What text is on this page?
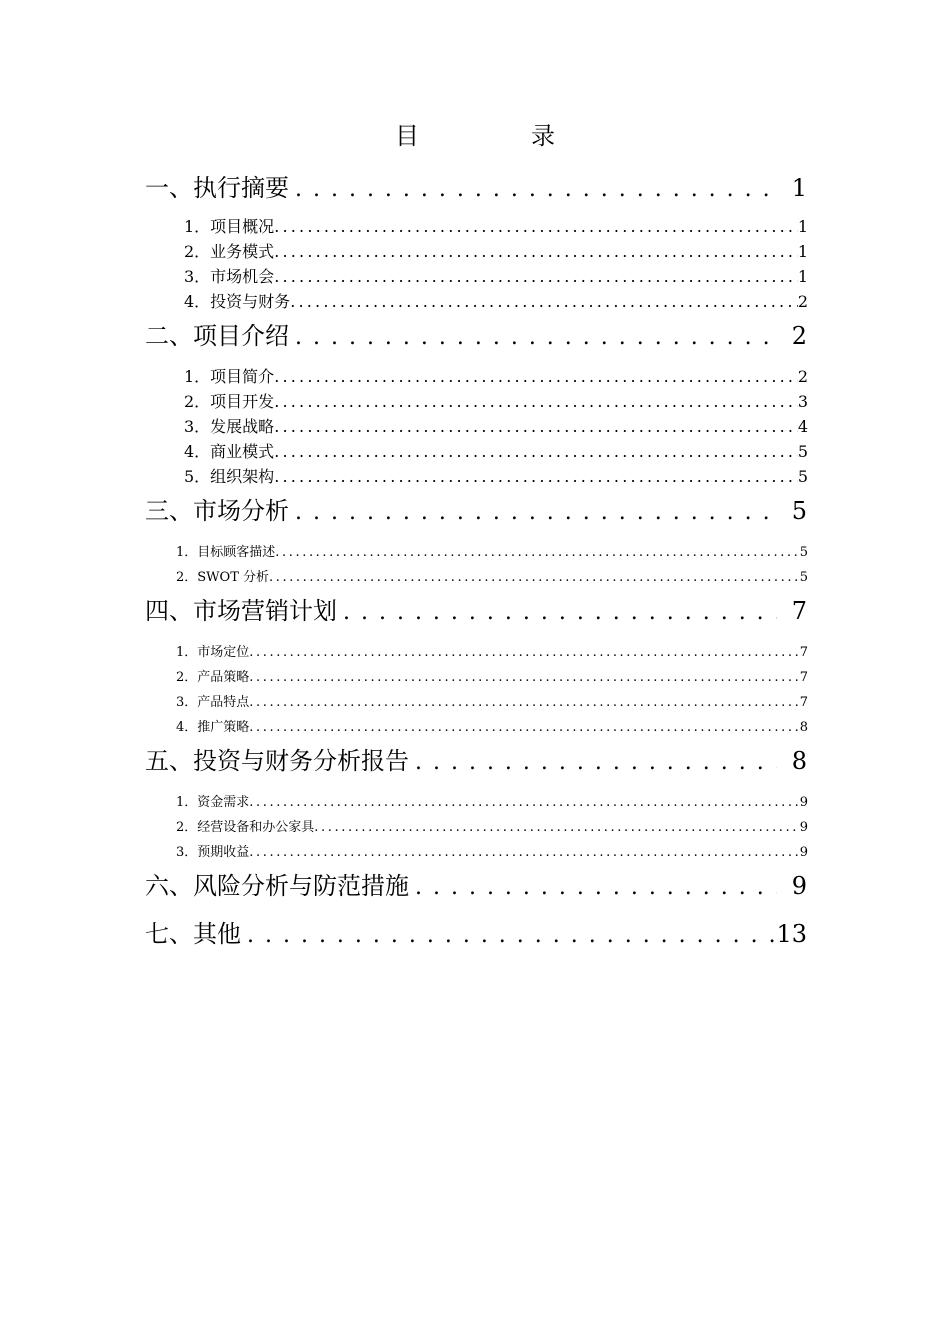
目　录
一、执行摘要 . . .	1
1．项目概况 .....	1
2．业务模式 .....	1
3．市场机会 .....	1
4．投资与财务 .....	2
二、项目介绍 . . .	2
1．项目简介 .....	2
2．项目开发 .....	3
3．发展战略 .....	4
4．商业模式 .....	5
5．组织架构 .....	5
三、市场分析 . . .	5
1．目标顾客描述 .....	5
2．SWOT 分析 .....	5
四、市场营销计划 . . .	7
1．市场定位 .....	7
2．产品策略 .....	7
3．产品特点 .....	7
4．推广策略 .....	8
五、投资与财务分析报告 . . .	8
1．资金需求 .....	9
2．经营设备和办公家具 .....	9
3．预期收益 .....	9
六、风险分析与防范措施 . . .	9
七、其他 . . .	13
